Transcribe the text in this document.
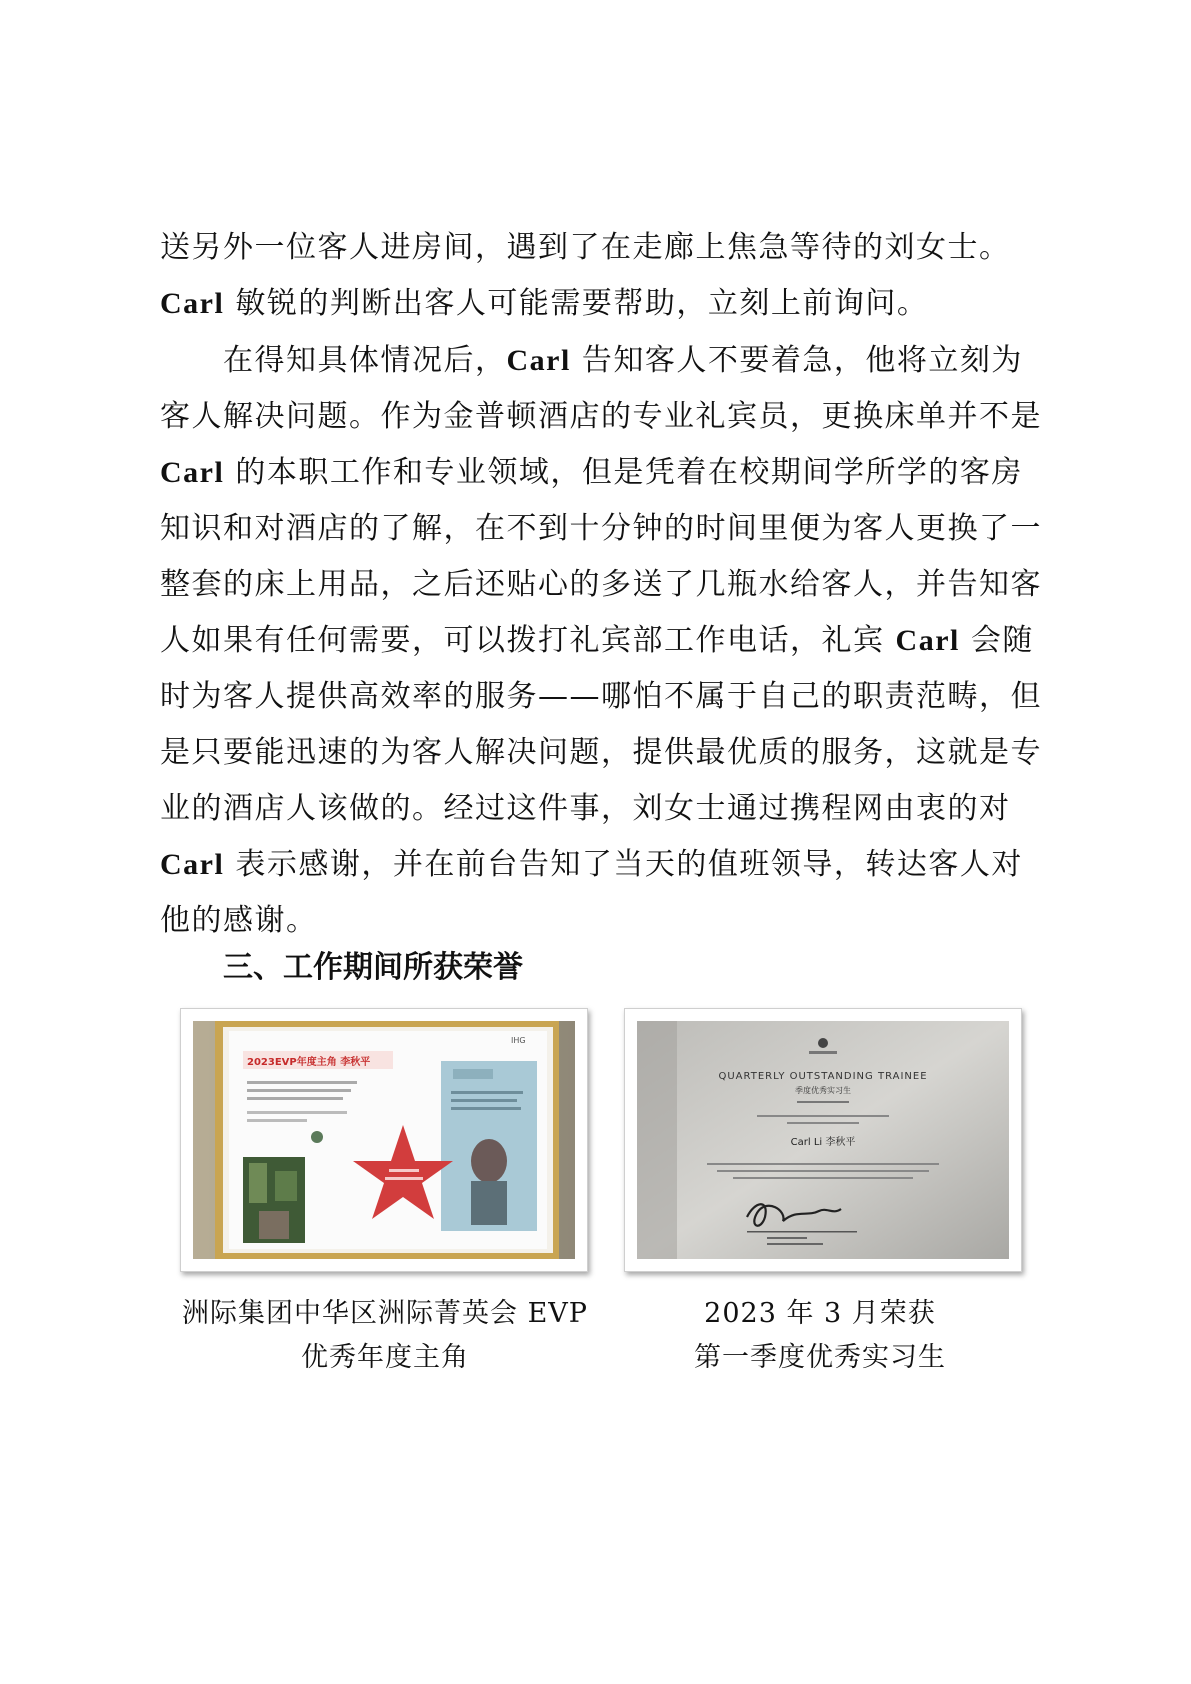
送另外一位客人进房间，遇到了在走廊上焦急等待的刘女士。
Carl 敏锐的判断出客人可能需要帮助，立刻上前询问。

　　在得知具体情况后，Carl 告知客人不要着急，他将立刻为
客人解决问题。作为金普顿酒店的专业礼宾员，更换床单并不是
Carl 的本职工作和专业领域，但是凭着在校期间学所学的客房
知识和对酒店的了解，在不到十分钟的时间里便为客人更换了一
整套的床上用品，之后还贴心的多送了几瓶水给客人，并告知客
人如果有任何需要，可以拨打礼宾部工作电话，礼宾 Carl 会随
时为客人提供高效率的服务——哪怕不属于自己的职责范畴，但
是只要能迅速的为客人解决问题，提供最优质的服务，这就是专
业的酒店人该做的。经过这件事，刘女士通过携程网由衷的对
Carl 表示感谢，并在前台告知了当天的值班领导，转达客人对
他的感谢。

三、工作期间所获荣誉
2023EVP年度主角 李秋平
IHG
QUARTERLY OUTSTANDING TRAINEE
季度优秀实习生
Carl Li 李秋平

洲际集团中华区洲际菁英会 EVP
优秀年度主角

2023 年 3 月荣获
第一季度优秀实习生
